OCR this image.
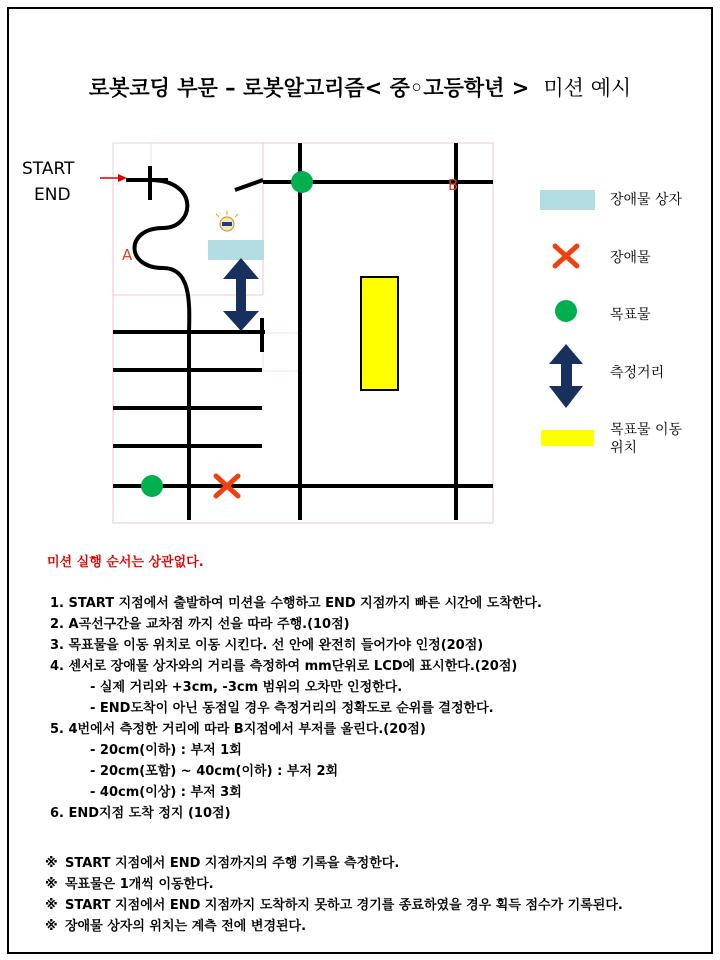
로봇코딩 부문 – 로봇알고리즘< 중◦고등학년 > 미션 예시
START
END
A
B
장애물 상자
장애물
목표물
측정거리
목표물 이동 위치
미션 실행 순서는 상관없다.
1. START 지점에서 출발하여 미션을 수행하고 END 지점까지 빠른 시간에 도착한다.
2. A곡선구간을 교차점 까지 선을 따라 주행.(10점)
3. 목표물을 이동 위치로 이동 시킨다. 선 안에 완전히 들어가야 인정(20점)
4. 센서로 장애물 상자와의 거리를 측정하여 mm단위로 LCD에 표시한다.(20점)
- 실제 거리와 +3cm, -3cm 범위의 오차만 인정한다.
- END도착이 아닌 동점일 경우 측정거리의 정확도로 순위를 결정한다.
5. 4번에서 측정한 거리에 따라 B지점에서 부저를 울린다.(20점)
- 20cm(이하) : 부저 1회
- 20cm(포함) ~ 40cm(이하) : 부저 2회
- 40cm(이상) : 부저 3회
6. END지점 도착 정지 (10점)
※ START 지점에서 END 지점까지의 주행 기록을 측정한다.
※ 목표물은 1개씩 이동한다.
※ START 지점에서 END 지점까지 도착하지 못하고 경기를 종료하였을 경우 획득 점수가 기록된다.
※ 장애물 상자의 위치는 계측 전에 변경된다.
